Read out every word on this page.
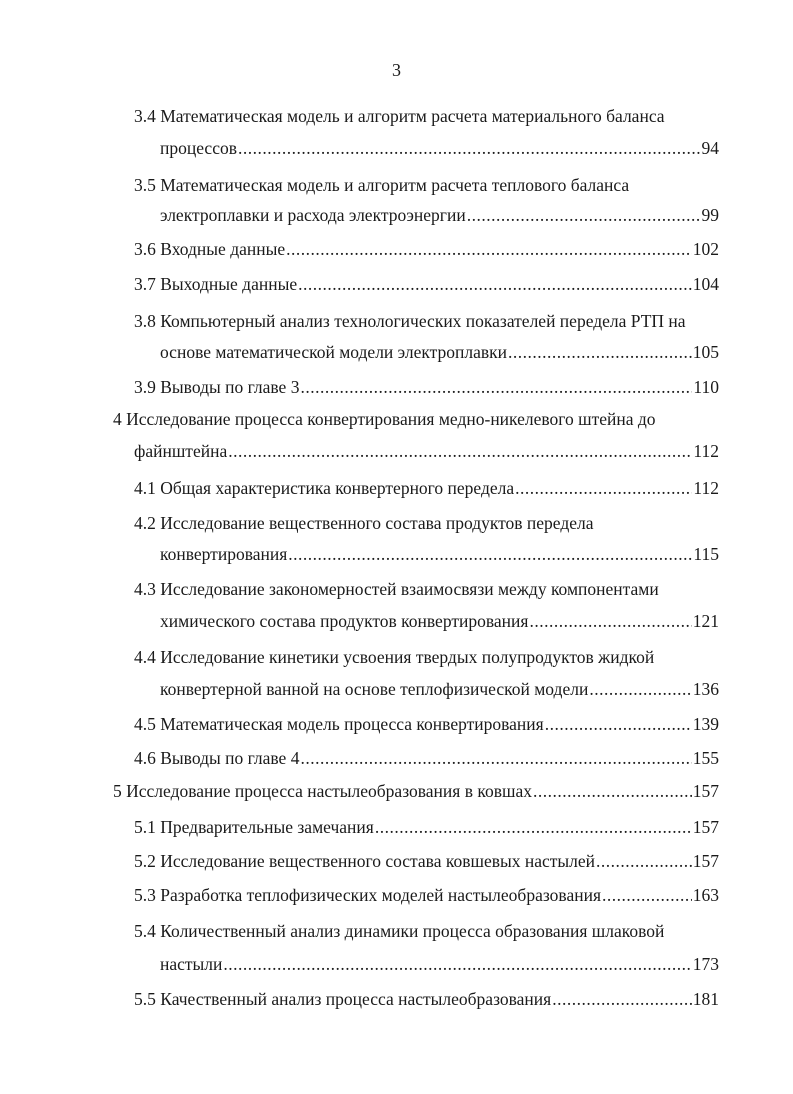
3
3.4 Математическая модель и алгоритм расчета материального баланса
процессов .....	94
3.5 Математическая модель и алгоритм расчета теплового баланса
электроплавки и расхода электроэнергии .....	99
3.6
Входные данные .....	102
3.7
Выходные данные .....	104
3.8 Компьютерный анализ технологических показателей передела РТП на
основе математической модели электроплавки .....	105
3.9
Выводы по главе 3 .....	110
4 Исследование процесса конвертирования медно-никелевого штейна до
файнштейна .....	112
4.1
Общая характеристика конвертерного передела .....	112
4.2 Исследование вещественного состава продуктов передела
конвертирования .....	115
4.3 Исследование закономерностей взаимосвязи между компонентами
химического состава продуктов конвертирования .....	121
4.4 Исследование кинетики усвоения твердых полупродуктов жидкой
конвертерной ванной на основе теплофизической модели .....	136
4.5
Математическая модель процесса конвертирования .....	139
4.6
Выводы по главе 4 .....	155
5
Исследование процесса настылеобразования в ковшах .....	157
5.1
Предварительные замечания .....	157
5.2
Исследование вещественного состава ковшевых настылей .....	157
5.3
Разработка теплофизических моделей настылеобразования .....	163
5.4 Количественный анализ динамики процесса образования шлаковой
настыли .....	173
5.5
Качественный анализ процесса настылеобразования .....	181
